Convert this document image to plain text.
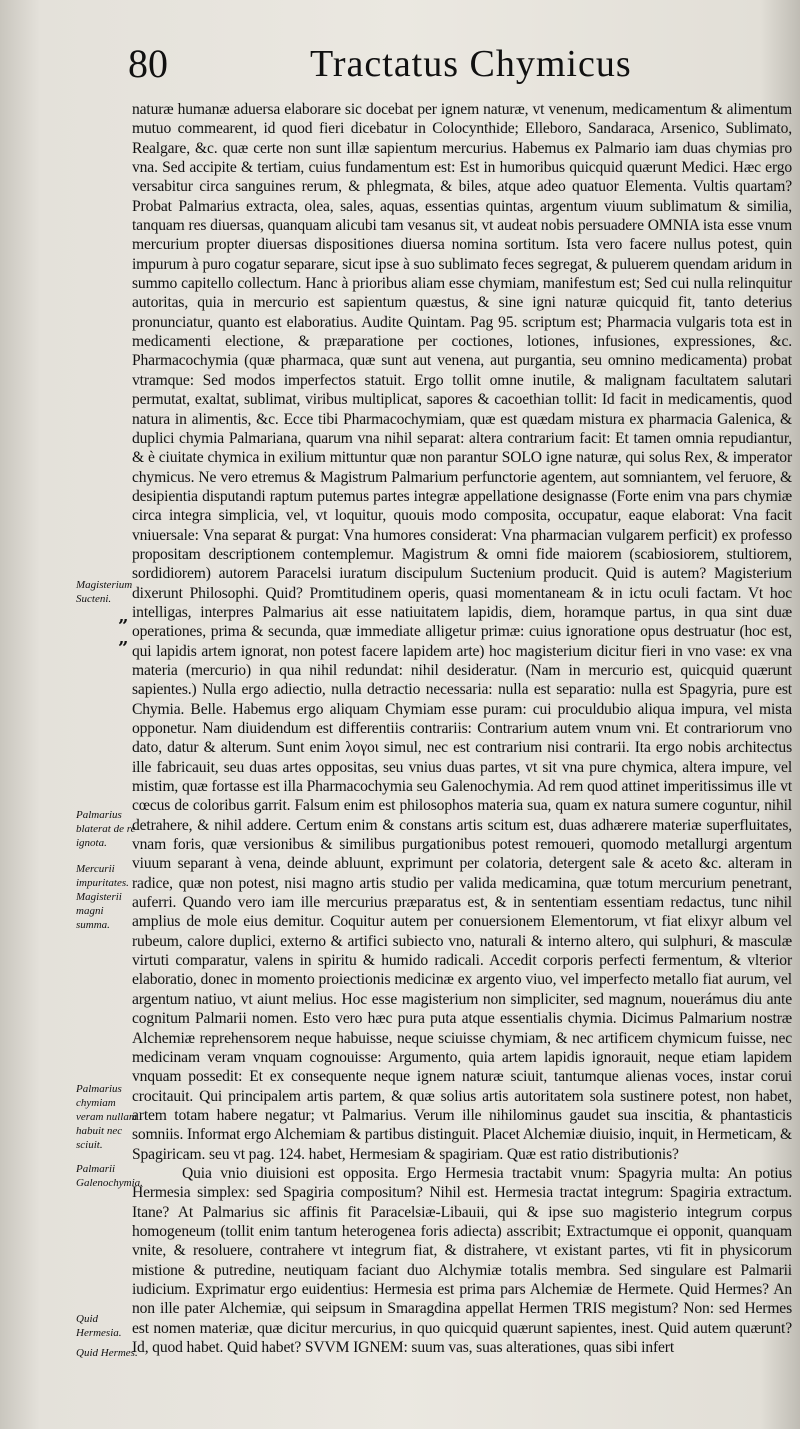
80	Tractatus Chymicus
Magisterium Sucteni.
”
”
Palmarius blaterat de re ignota.
Mercurii impuritates.
Magisterii magni summa.
Palmarius chymiam veram nullam habuit nec sciuit.
Palmarii Galenochymia.
Quid Hermesia.
Quid Hermes.

naturæ humanæ aduersa elaborare sic docebat per ignem naturæ, vt venenum, medicamentum & alimentum mutuo commearent, id quod fieri dicebatur in Colocynthide; Elleboro, Sandaraca, Arsenico, Sublimato, Realgare, &c. quæ certe non sunt illæ sapientum mercurius. Habemus ex Palmario iam duas chymias pro vna. Sed accipite & tertiam, cuius fundamentum est: Est in humoribus quicquid quærunt Medici. Hæc ergo versabitur circa sanguines rerum, & phlegmata, & biles, atque adeo quatuor Elementa. Vultis quartam? Probat Palmarius extracta, olea, sales, aquas, essentias quintas, argentum viuum sublimatum & similia, tanquam res diuersas, quanquam alicubi tam vesanus sit, vt audeat nobis persuadere OMNIA ista esse vnum mercurium propter diuersas dispositiones diuersa nomina sortitum. Ista vero facere nullus potest, quin impurum à puro cogatur separare, sicut ipse à suo sublimato feces segregat, & puluerem quendam aridum in summo capitello collectum. Hanc à prioribus aliam esse chymiam, manifestum est; Sed cui nulla relinquitur autoritas, quia in mercurio est sapientum quæstus, & sine igni naturæ quicquid fit, tanto deterius pronunciatur, quanto est elaboratius. Audite Quintam. Pag 95. scriptum est; Pharmacia vulgaris tota est in medicamenti electione, & præparatione per coctiones, lotiones, infusiones, expressiones, &c. Pharmacochymia (quæ pharmaca, quæ sunt aut venena, aut purgantia, seu omnino medicamenta) probat vtramque: Sed modos imperfectos statuit. Ergo tollit omne inutile, & malignam facultatem salutari permutat, exaltat, sublimat, viribus multiplicat, sapores & cacoethian tollit: Id facit in medicamentis, quod natura in alimentis, &c. Ecce tibi Pharmacochymiam, quæ est quædam mistura ex pharmacia Galenica, & duplici chymia Palmariana, quarum vna nihil separat: altera contrarium facit: Et tamen omnia repudiantur, & è ciuitate chymica in exilium mittuntur quæ non parantur SOLO igne naturæ, qui solus Rex, & imperator chymicus. Ne vero etremus & Magistrum Palmarium perfunctorie agentem, aut somniantem, vel feruore, & desipientia disputandi raptum putemus partes integræ appellatione designasse (Forte enim vna pars chymiæ circa integra simplicia, vel, vt loquitur, quouis modo composita, occupatur, eaque elaborat: Vna facit vniuersale: Vna separat & purgat: Vna humores considerat: Vna pharmacian vulgarem perficit) ex professo propositam descriptionem contemplemur. Magistrum & omni fide maiorem (scabiosiorem, stultiorem, sordidiorem) autorem Paracelsi iuratum discipulum Suctenium producit. Quid is autem? Magisterium dixerunt Philosophi. Quid? Promtitudinem operis, quasi momentaneam & in ictu oculi factam. Vt hoc intelligas, interpres Palmarius ait esse natiuitatem lapidis, diem, horamque partus, in qua sint duæ operationes, prima & secunda, quæ immediate alligetur primæ: cuius ignoratione opus destruatur (hoc est, qui lapidis artem ignorat, non potest facere lapidem arte) hoc magisterium dicitur fieri in vno vase: ex vna materia (mercurio) in qua nihil redundat: nihil desideratur. (Nam in mercurio est, quicquid quærunt sapientes.) Nulla ergo adiectio, nulla detractio necessaria: nulla est separatio: nulla est Spagyria, pure est Chymia. Belle. Habemus ergo aliquam Chymiam esse puram: cui proculdubio aliqua impura, vel mista opponetur. Nam diuidendum est differentiis contrariis: Contrarium autem vnum vni. Et contrariorum vno dato, datur & alterum. Sunt enim λογοι simul, nec est contrarium nisi contrarii. Ita ergo nobis architectus ille fabricauit, seu duas artes oppositas, seu vnius duas partes, vt sit vna pure chymica, altera impure, vel mistim, quæ fortasse est illa Pharmacochymia seu Galenochymia. Ad rem quod attinet imperitissimus ille vt cœcus de coloribus garrit. Falsum enim est philosophos materia sua, quam ex natura sumere coguntur, nihil detrahere, & nihil addere. Certum enim & constans artis scitum est, duas adhærere materiæ superfluitates, vnam foris, quæ versionibus & similibus purgationibus potest remoueri, quomodo metallurgi argentum viuum separant à vena, deinde abluunt, exprimunt per colatoria, detergent sale & aceto &c. alteram in radice, quæ non potest, nisi magno artis studio per valida medicamina, quæ totum mercurium penetrant, auferri. Quando vero iam ille mercurius præparatus est, & in sententiam essentiam redactus, tunc nihil amplius de mole eius demitur. Coquitur autem per conuersionem Elementorum, vt fiat elixyr album vel rubeum, calore duplici, externo & artifici subiecto vno, naturali & interno altero, qui sulphuri, & masculæ virtuti comparatur, valens in spiritu & humido radicali. Accedit corporis perfecti fermentum, & vlterior elaboratio, donec in momento proiectionis medicinæ ex argento viuo, vel imperfecto metallo fiat aurum, vel argentum natiuo, vt aiunt melius. Hoc esse magisterium non simpliciter, sed magnum, nouerámus diu ante cognitum Palmarii nomen. Esto vero hæc pura puta atque essentialis chymia. Dicimus Palmarium nostræ Alchemiæ reprehensorem neque habuisse, neque sciuisse chymiam, & nec artificem chymicum fuisse, nec medicinam veram vnquam cognouisse: Argumento, quia artem lapidis ignorauit, neque etiam lapidem vnquam possedit: Et ex consequente neque ignem naturæ sciuit, tantumque alienas voces, instar corui crocitauit. Qui principalem artis partem, & quæ solius artis autoritatem sola sustinere potest, non habet, artem totam habere negatur; vt Palmarius. Verum ille nihilominus gaudet sua inscitia, & phantasticis somniis. Informat ergo Alchemiam & partibus distinguit. Placet Alchemiæ diuisio, inquit, in Hermeticam, & Spagiricam. seu vt pag. 124. habet, Hermesiam & spagiriam. Quæ est ratio distributionis?

Quia vnio diuisioni est opposita. Ergo Hermesia tractabit vnum: Spagyria multa: An potius Hermesia simplex: sed Spagiria compositum? Nihil est. Hermesia tractat integrum: Spagiria extractum. Itane? At Palmarius sic affinis fit Paracelsiæ-Libauii, qui & ipse suo magisterio integrum corpus homogeneum (tollit enim tantum heterogenea foris adiecta) asscribit; Extractumque ei opponit, quanquam vnite, & resoluere, contrahere vt integrum fiat, & distrahere, vt existant partes, vti fit in physicorum mistione & putredine, neutiquam faciant duo Alchymiæ totalis membra. Sed singulare est Palmarii iudicium. Exprimatur ergo euidentius: Hermesia est prima pars Alchemiæ de Hermete. Quid Hermes? An non ille pater Alchemiæ, qui seipsum in Smaragdina appellat Hermen TRIS megistum? Non: sed Hermes est nomen materiæ, quæ dicitur mercurius, in quo quicquid quærunt sapientes, inest. Quid autem quærunt? Id, quod habet. Quid habet? SVVM IGNEM: suum vas, suas alterationes, quas sibi infert
